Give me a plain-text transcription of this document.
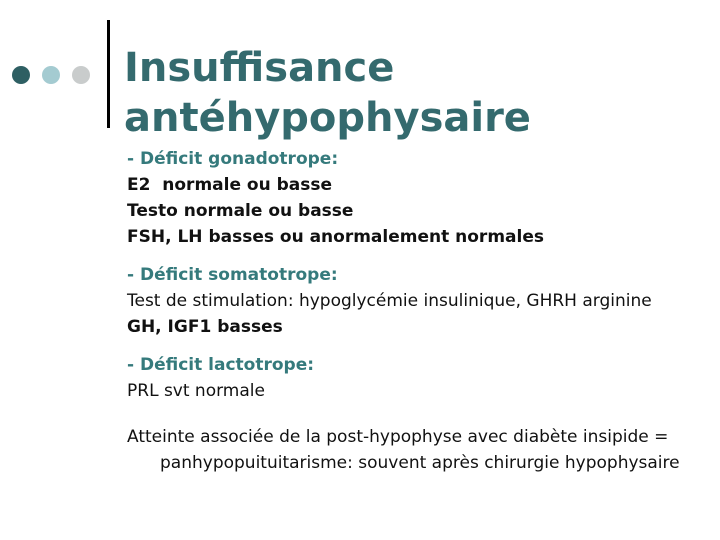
Insuffisance
antéhypophysaire
- Déficit gonadotrope:
E2  normale ou basse
Testo normale ou basse
FSH, LH basses ou anormalement normales
- Déficit somatotrope:
Test de stimulation: hypoglycémie insulinique, GHRH arginine
GH, IGF1 basses
- Déficit lactotrope:
PRL svt normale
Atteinte associée de la post-hypophyse avec diabète insipide =
panhypopuituitarisme: souvent après chirurgie hypophysaire
